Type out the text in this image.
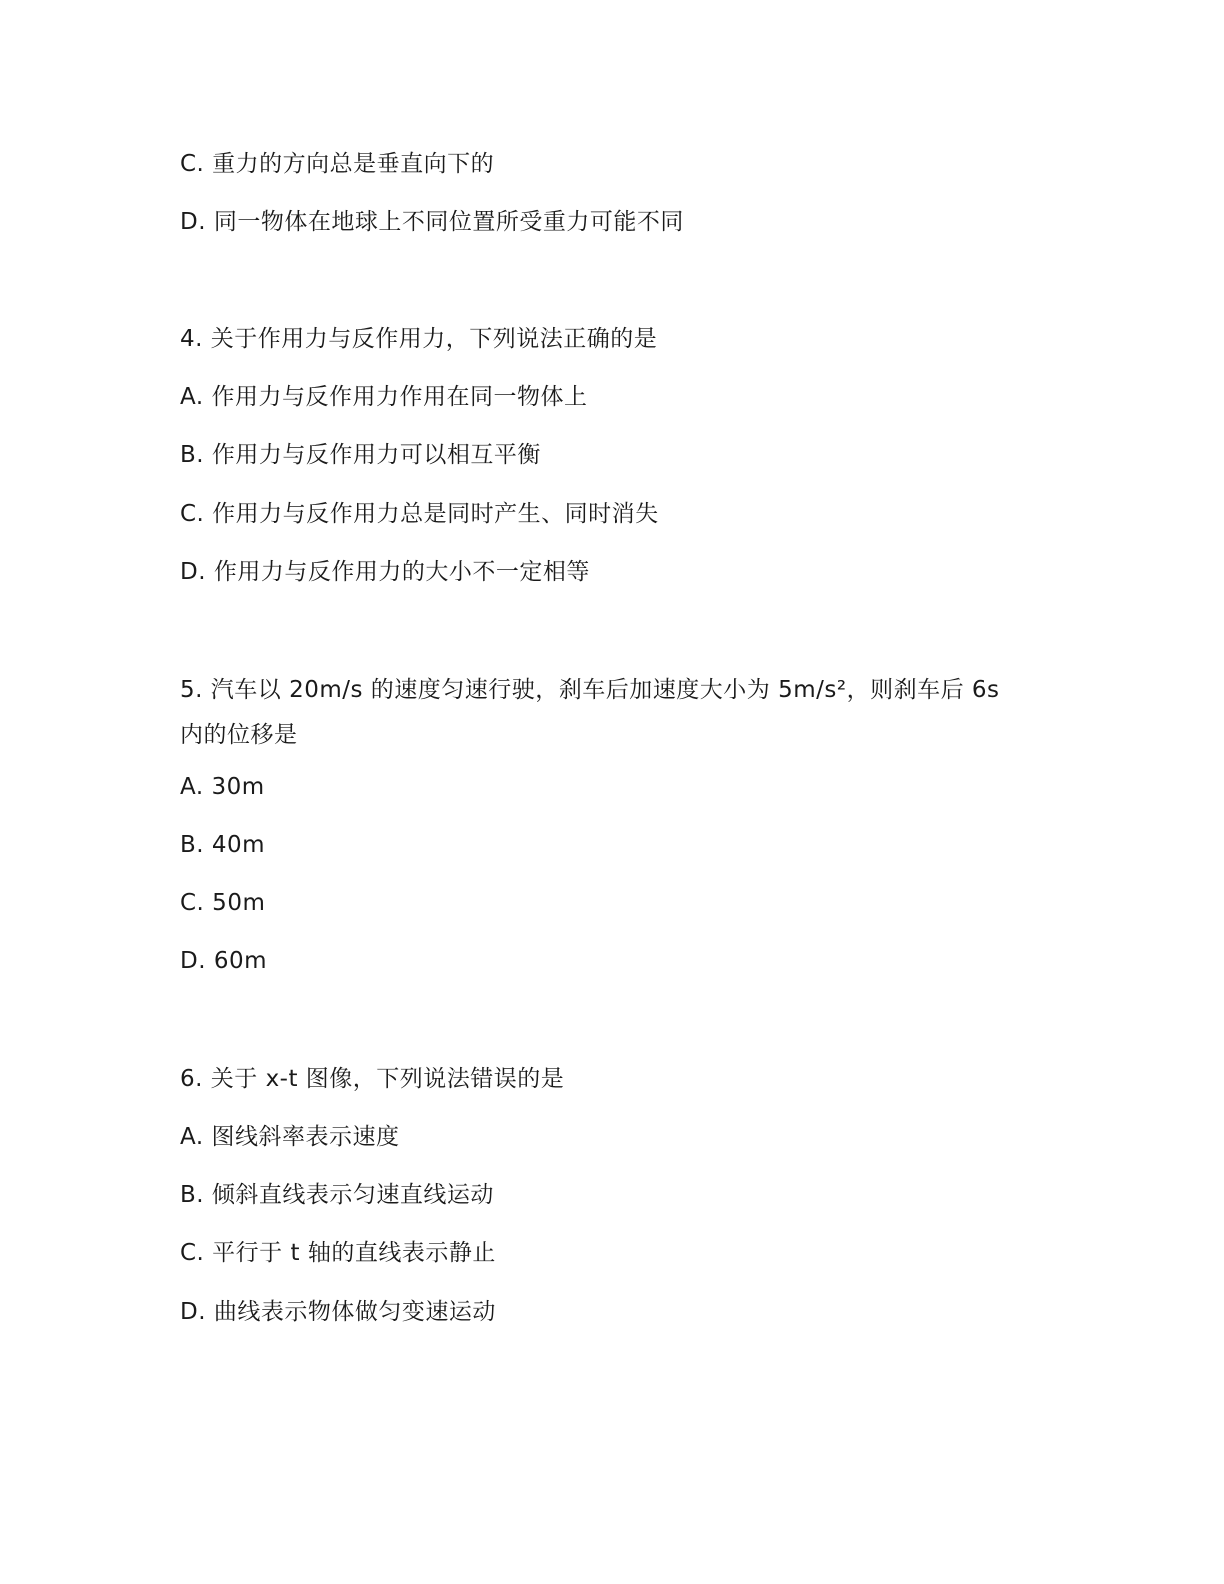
C. 重力的方向总是垂直向下的
D. 同一物体在地球上不同位置所受重力可能不同
4. 关于作用力与反作用力，下列说法正确的是
A. 作用力与反作用力作用在同一物体上
B. 作用力与反作用力可以相互平衡
C. 作用力与反作用力总是同时产生、同时消失
D. 作用力与反作用力的大小不一定相等
5. 汽车以 20m/s 的速度匀速行驶，刹车后加速度大小为 5m/s²，则刹车后 6s
内的位移是
A. 30m
B. 40m
C. 50m
D. 60m
6. 关于 x-t 图像，下列说法错误的是
A. 图线斜率表示速度
B. 倾斜直线表示匀速直线运动
C. 平行于 t 轴的直线表示静止
D. 曲线表示物体做匀变速运动
